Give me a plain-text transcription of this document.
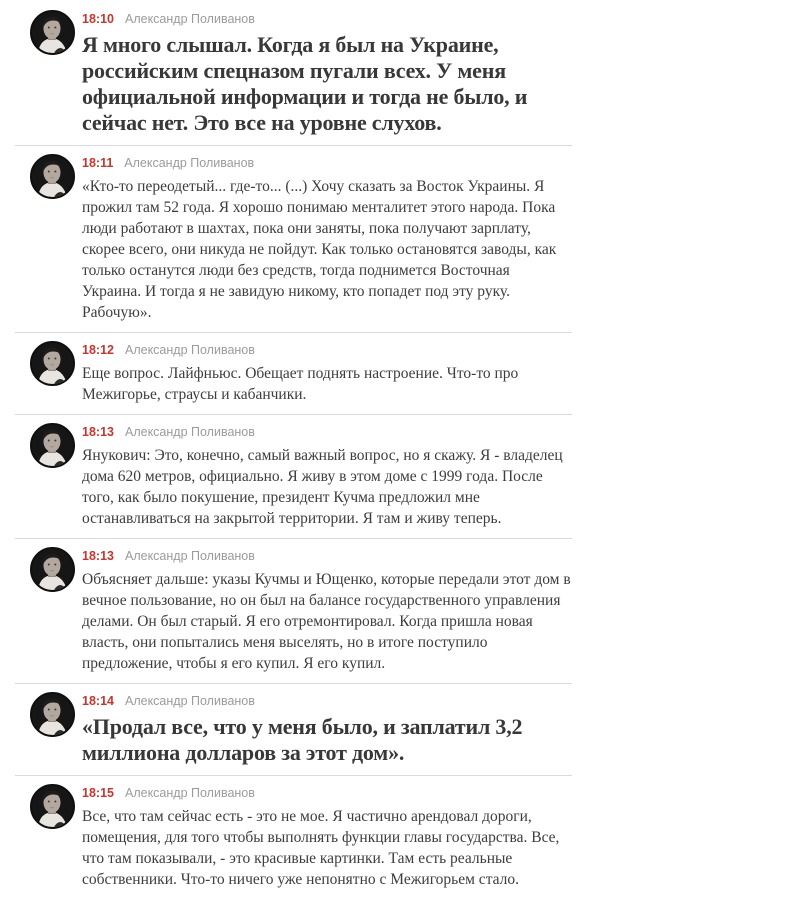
18:10 Александр Поливанов
Я много слышал. Когда я был на Украине, российским спецназом пугали всех. У меня официальной информации и тогда не было, и сейчас нет. Это все на уровне слухов.
18:11 Александр Поливанов
«Кто-то переодетый... где-то... (...) Хочу сказать за Восток Украины. Я прожил там 52 года. Я хорошо понимаю менталитет этого народа. Пока люди работают в шахтах, пока они заняты, пока получают зарплату, скорее всего, они никуда не пойдут. Как только остановятся заводы, как только останутся люди без средств, тогда поднимется Восточная Украина. И тогда я не завидую никому, кто попадет под эту руку. Рабочую».
18:12 Александр Поливанов
Еще вопрос. Лайфньюс. Обещает поднять настроение. Что-то про Межигорье, страусы и кабанчики.
18:13 Александр Поливанов
Янукович: Это, конечно, самый важный вопрос, но я скажу. Я - владелец дома 620 метров, официально. Я живу в этом доме с 1999 года. После того, как было покушение, президент Кучма предложил мне останавливаться на закрытой территории. Я там и живу теперь.
18:13 Александр Поливанов
Объясняет дальше: указы Кучмы и Ющенко, которые передали этот дом в вечное пользование, но он был на балансе государственного управления делами. Он был старый. Я его отремонтировал. Когда пришла новая власть, они попытались меня выселять, но в итоге поступило предложение, чтобы я его купил. Я его купил.
18:14 Александр Поливанов
«Продал все, что у меня было, и заплатил 3,2 миллиона долларов за этот дом».
18:15 Александр Поливанов
Все, что там сейчас есть - это не мое. Я частично арендовал дороги, помещения, для того чтобы выполнять функции главы государства. Все, что там показывали, - это красивые картинки. Там есть реальные собственники. Что-то ничего уже непонятно с Межигорьем стало.
